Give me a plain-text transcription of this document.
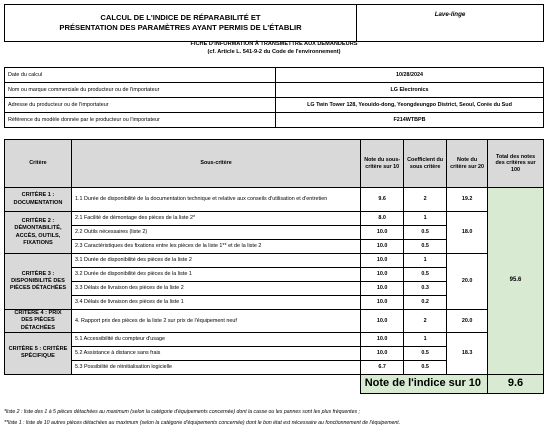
CALCUL DE L'INDICE DE RÉPARABILITÉ ET
PRÉSENTATION DES PARAMÈTRES AYANT PERMIS DE L'ÉTABLIR
	Lave-linge
FICHE D'INFORMATION À TRANSMETTRE AUX DEMANDEURS
(cf. Article L. 541-9-2 du Code de l'environnement)
Date du calcul	10/28/2024
Nom ou marque commerciale du producteur ou de l'importateur	LG Electronics
Adresse du producteur ou de l'importateur	LG Twin Tower 128, Yeouido-dong, Yeongdeungpo District, Seoul, Corée du Sud
Référence du modèle donnée par le producteur ou l'importateur	F214WTBPB
Critère	Sous-critère	Note du sous-critère sur 10	Coefficient du sous critère	Note du critère sur 20	Total des notes des critères sur 100
CRITÈRE 1 : DOCUMENTATION	1.1 Durée de disponibilité de la documentation technique et relative aux conseils d'utilisation et d'entretien	9.6	2	19.2	95.6
CRITÈRE 2 : DÉMONTABILITÉ, ACCÈS, OUTILS, FIXATIONS	2.1 Facilité de démontage des pièces de la liste 2*	8.0	1	18.0	
	2.2 Outils nécessaires (liste 2)	10.0	0.5		
	2.3 Caractéristiques des fixations entre les pièces de la liste 1** et de la liste 2	10.0	0.5		
CRITÈRE 3 : DISPONIBILITÉ DES PIÈCES DÉTACHÉES	3.1 Durée de disponibilité des pièces de la liste 2	10.0	1	20.0	
	3.2 Durée de disponibilité des pièces de la liste 1	10.0	0.5		
	3.3 Délais de livraison des pièces de la liste 2	10.0	0.3		
	3.4 Délais de livraison des pièces de la liste 1	10.0	0.2		
CRITÈRE 4 : PRIX DES PIÈCES DÉTACHÉES	4. Rapport prix des pièces de la liste 2 sur prix de l'équipement neuf	10.0	2	20.0	
CRITÈRE 5 : CRITÈRE SPÉCIFIQUE	5.1 Accessibilité du compteur d'usage	10.0	1	18.3	
	5.2 Assistance à distance sans frais	10.0	0.5		
	5.3 Possibilité de réinitialisation logicielle	6.7	0.5		
		Note de l'indice sur 10			9.6
*liste 2 : liste des 1 à 5 pièces détachées au maximum (selon la catégorie d'équipements concernée) dont la casse ou les pannes sont les plus fréquentes ;
**liste 1 : liste de 10 autres pièces détachées au maximum (selon la catégorie d'équipements concernée) dont le bon état est nécessaire au fonctionnement de l'équipement.
